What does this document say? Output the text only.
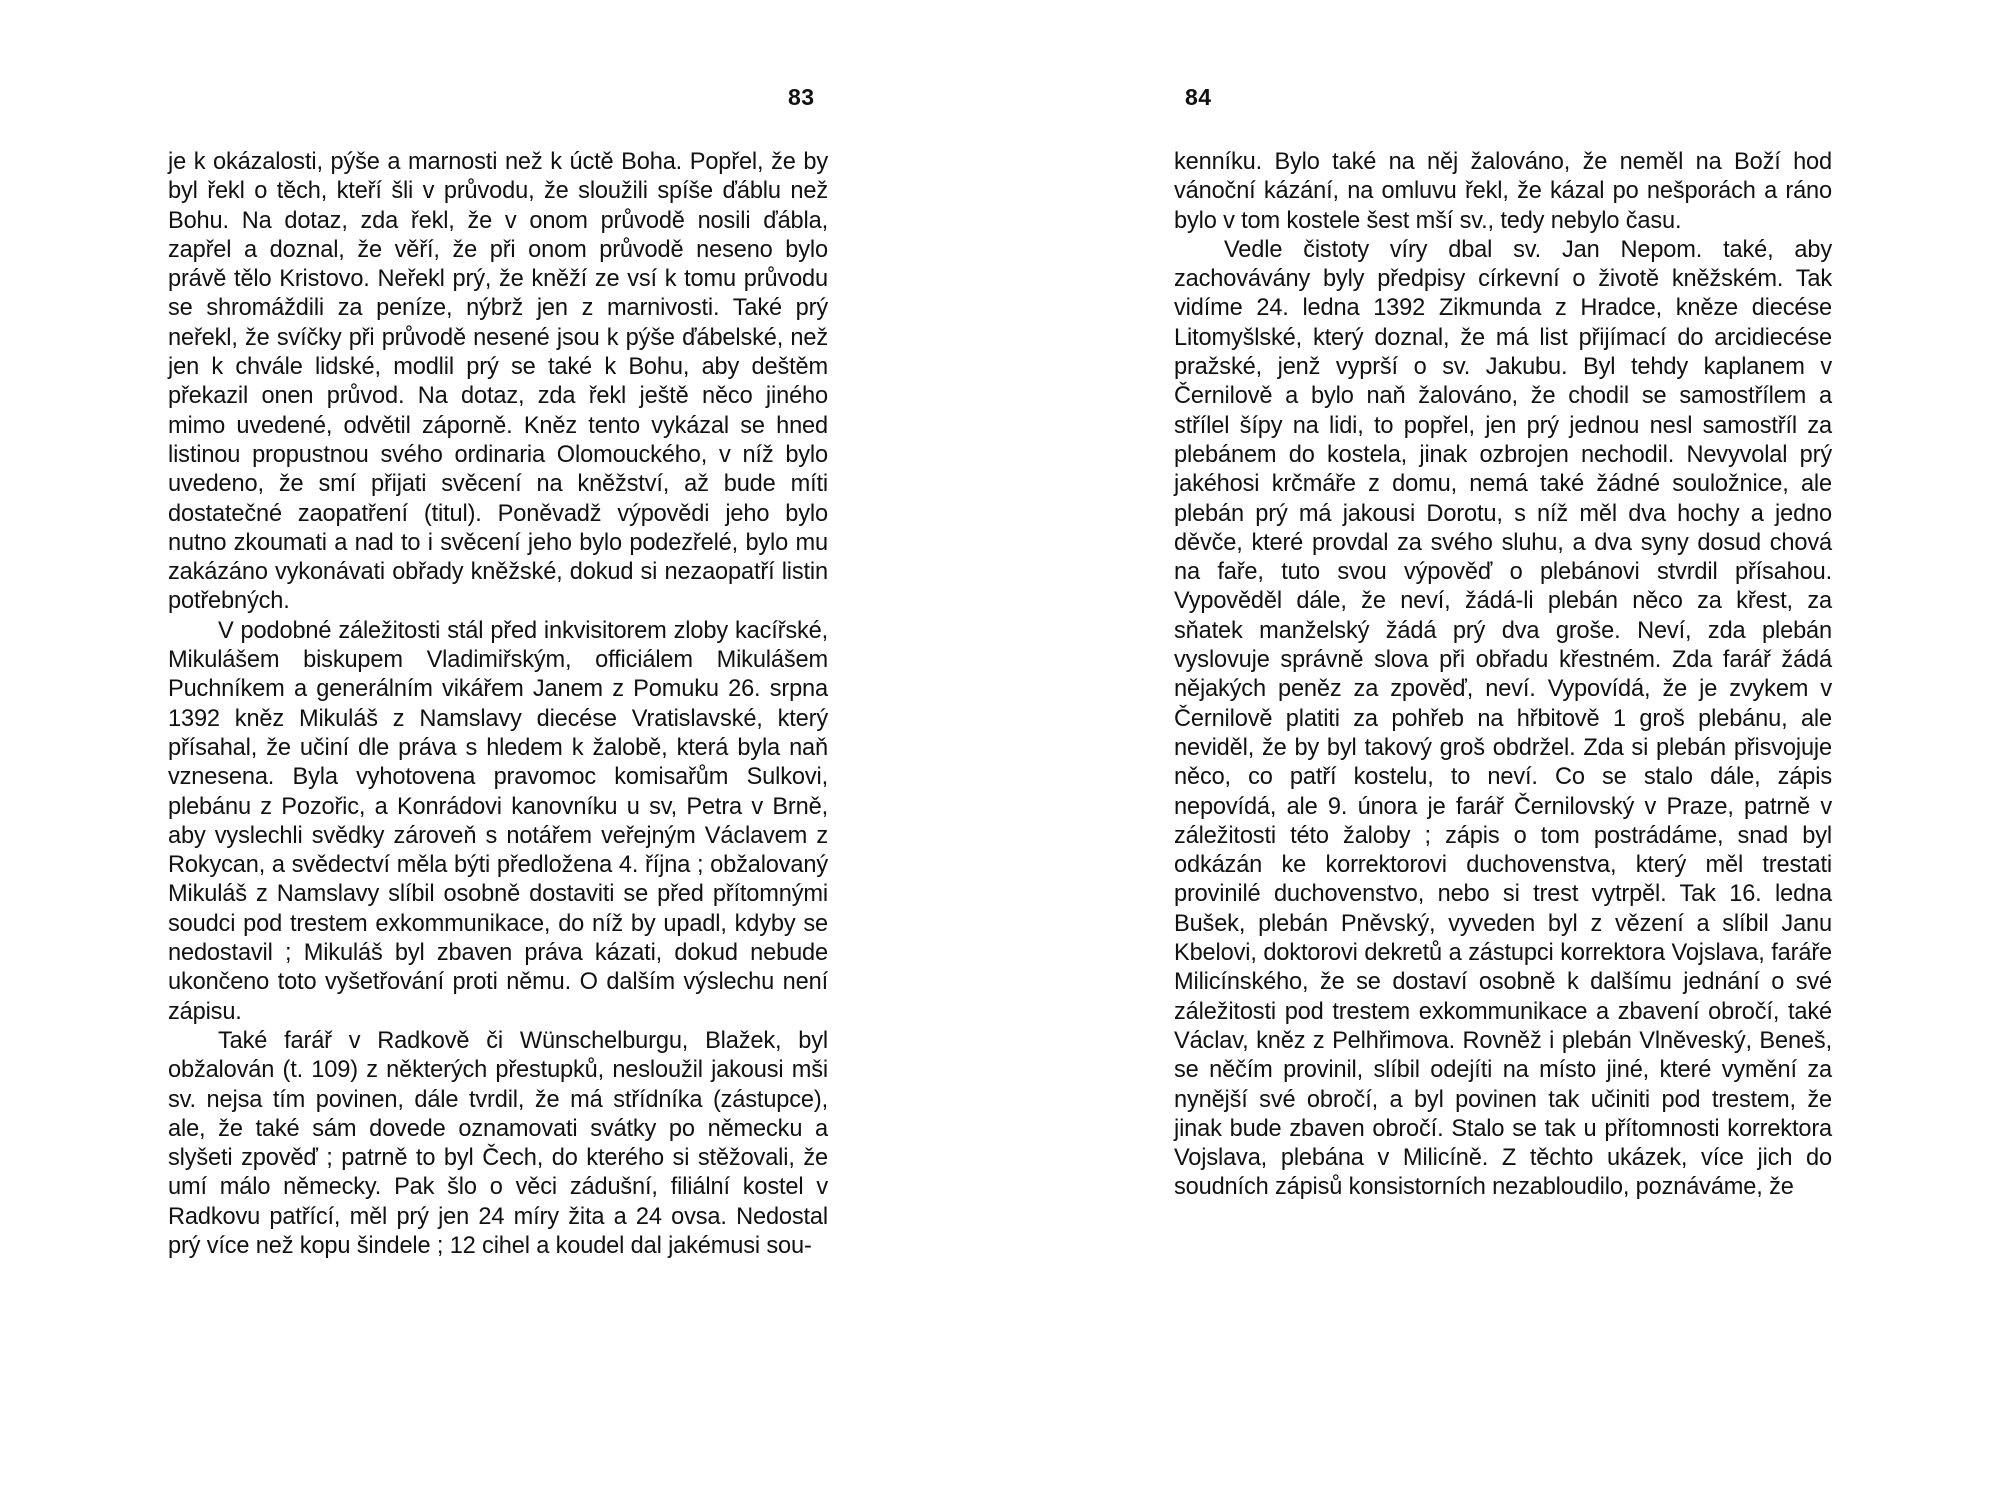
83

je k okázalosti, pýše a marnosti než k úctě Boha. Popřel, že by byl řekl o těch, kteří šli v průvodu, že sloužili spíše ďáblu než Bohu. Na dotaz, zda řekl, že v onom průvodě nosili ďábla, zapřel a doznal, že věří, že při onom průvodě neseno bylo právě tělo Kristovo. Neřekl prý, že kněží ze vsí k tomu průvodu se shromáždili za peníze, nýbrž jen z marnivosti. Také prý neřekl, že svíčky při průvodě nesené jsou k pýše ďábelské, než jen k chvále lidské, modlil prý se také k Bohu, aby deštěm překazil onen průvod. Na dotaz, zda řekl ještě něco jiného mimo uvedené, odvětil záporně. Kněz tento vykázal se hned listinou propustnou svého ordinaria Olomouckého, v níž bylo uvedeno, že smí přijati svěcení na kněžství, až bude míti dostatečné zaopatření (titul). Poněvadž výpovědi jeho bylo nutno zkoumati a nad to i svěcení jeho bylo podezřelé, bylo mu zakázáno vykonávati obřady kněžské, dokud si nezaopatří listin potřebných.

V podobné záležitosti stál před inkvisitorem zloby kacířské, Mikulášem biskupem Vladimiřským, officiálem Mikulášem Puchníkem a generálním vikářem Janem z Pomuku 26. srpna 1392 kněz Mikuláš z Namslavy diecése Vratislavské, který přísahal, že učiní dle práva s hledem k žalobě, která byla naň vznesena. Byla vyhotovena pravomoc komisařům Sulkovi, plebánu z Pozořic, a Konrádovi kanovníku u sv, Petra v Brně, aby vyslechli svědky zároveň s notářem veřejným Václavem z Rokycan, a svědectví měla býti předložena 4. října ; obžalovaný Mikuláš z Namslavy slíbil osobně dostaviti se před přítomnými soudci pod trestem exkommunikace, do níž by upadl, kdyby se nedostavil ; Mikuláš byl zbaven práva kázati, dokud nebude ukončeno toto vyšetřování proti němu. O dalším výslechu není zápisu.

Také farář v Radkově či Wünschelburgu, Blažek, byl obžalován (t. 109) z některých přestupků, nesloužil jakousi mši sv. nejsa tím povinen, dále tvrdil, že má střídníka (zástupce), ale, že také sám dovede oznamovati svátky po německu a slyšeti zpověď ; patrně to byl Čech, do kterého si stěžovali, že umí málo německy. Pak šlo o věci zádušní, filiální kostel v Radkovu patřící, měl prý jen 24 míry žita a 24 ovsa. Nedostal prý více než kopu šindele ; 12 cihel a koudel dal jakémusi sou-

84

kenníku. Bylo také na něj žalováno, že neměl na Boží hod vánoční kázání, na omluvu řekl, že kázal po nešporách a ráno bylo v tom kostele šest mší sv., tedy nebylo času.

Vedle čistoty víry dbal sv. Jan Nepom. také, aby zachovávány byly předpisy církevní o životě kněžském. Tak vidíme 24. ledna 1392 Zikmunda z Hradce, kněze diecése Litomyšlské, který doznal, že má list přijímací do arcidiecése pražské, jenž vyprší o sv. Jakubu. Byl tehdy kaplanem v Černilově a bylo naň žalováno, že chodil se samostřílem a střílel šípy na lidi, to popřel, jen prý jednou nesl samostříl za plebánem do kostela, jinak ozbrojen nechodil. Nevyvolal prý jakéhosi krčmáře z domu, nemá také žádné souložnice, ale plebán prý má jakousi Dorotu, s níž měl dva hochy a jedno děvče, které provdal za svého sluhu, a dva syny dosud chová na faře, tuto svou výpověď o plebánovi stvrdil přísahou. Vypověděl dále, že neví, žádá-li plebán něco za křest, za sňatek manželský žádá prý dva groše. Neví, zda plebán vyslovuje správně slova při obřadu křestném. Zda farář žádá nějakých peněz za zpověď, neví. Vypovídá, že je zvykem v Černilově platiti za pohřeb na hřbitově 1 groš plebánu, ale neviděl, že by byl takový groš obdržel. Zda si plebán přisvojuje něco, co patří kostelu, to neví. Co se stalo dále, zápis nepovídá, ale 9. února je farář Černilovský v Praze, patrně v záležitosti této žaloby ; zápis o tom postrádáme, snad byl odkázán ke korrektorovi duchovenstva, který měl trestati provinilé duchovenstvo, nebo si trest vytrpěl. Tak 16. ledna Bušek, plebán Pněvský, vyveden byl z vězení a slíbil Janu Kbelovi, doktorovi dekretů a zástupci korrektora Vojslava, faráře Milicínského, že se dostaví osobně k dalšímu jednání o své záležitosti pod trestem exkommunikace a zbavení obročí, také Václav, kněz z Pelhřimova. Rovněž i plebán Vlněveský, Beneš, se něčím provinil, slíbil odejíti na místo jiné, které vymění za nynější své obročí, a byl povinen tak učiniti pod trestem, že jinak bude zbaven obročí. Stalo se tak u přítomnosti korrektora Vojslava, plebána v Milicíně. Z těchto ukázek, více jich do soudních zápisů konsistorních nezabloudilo, poznáváme, že
